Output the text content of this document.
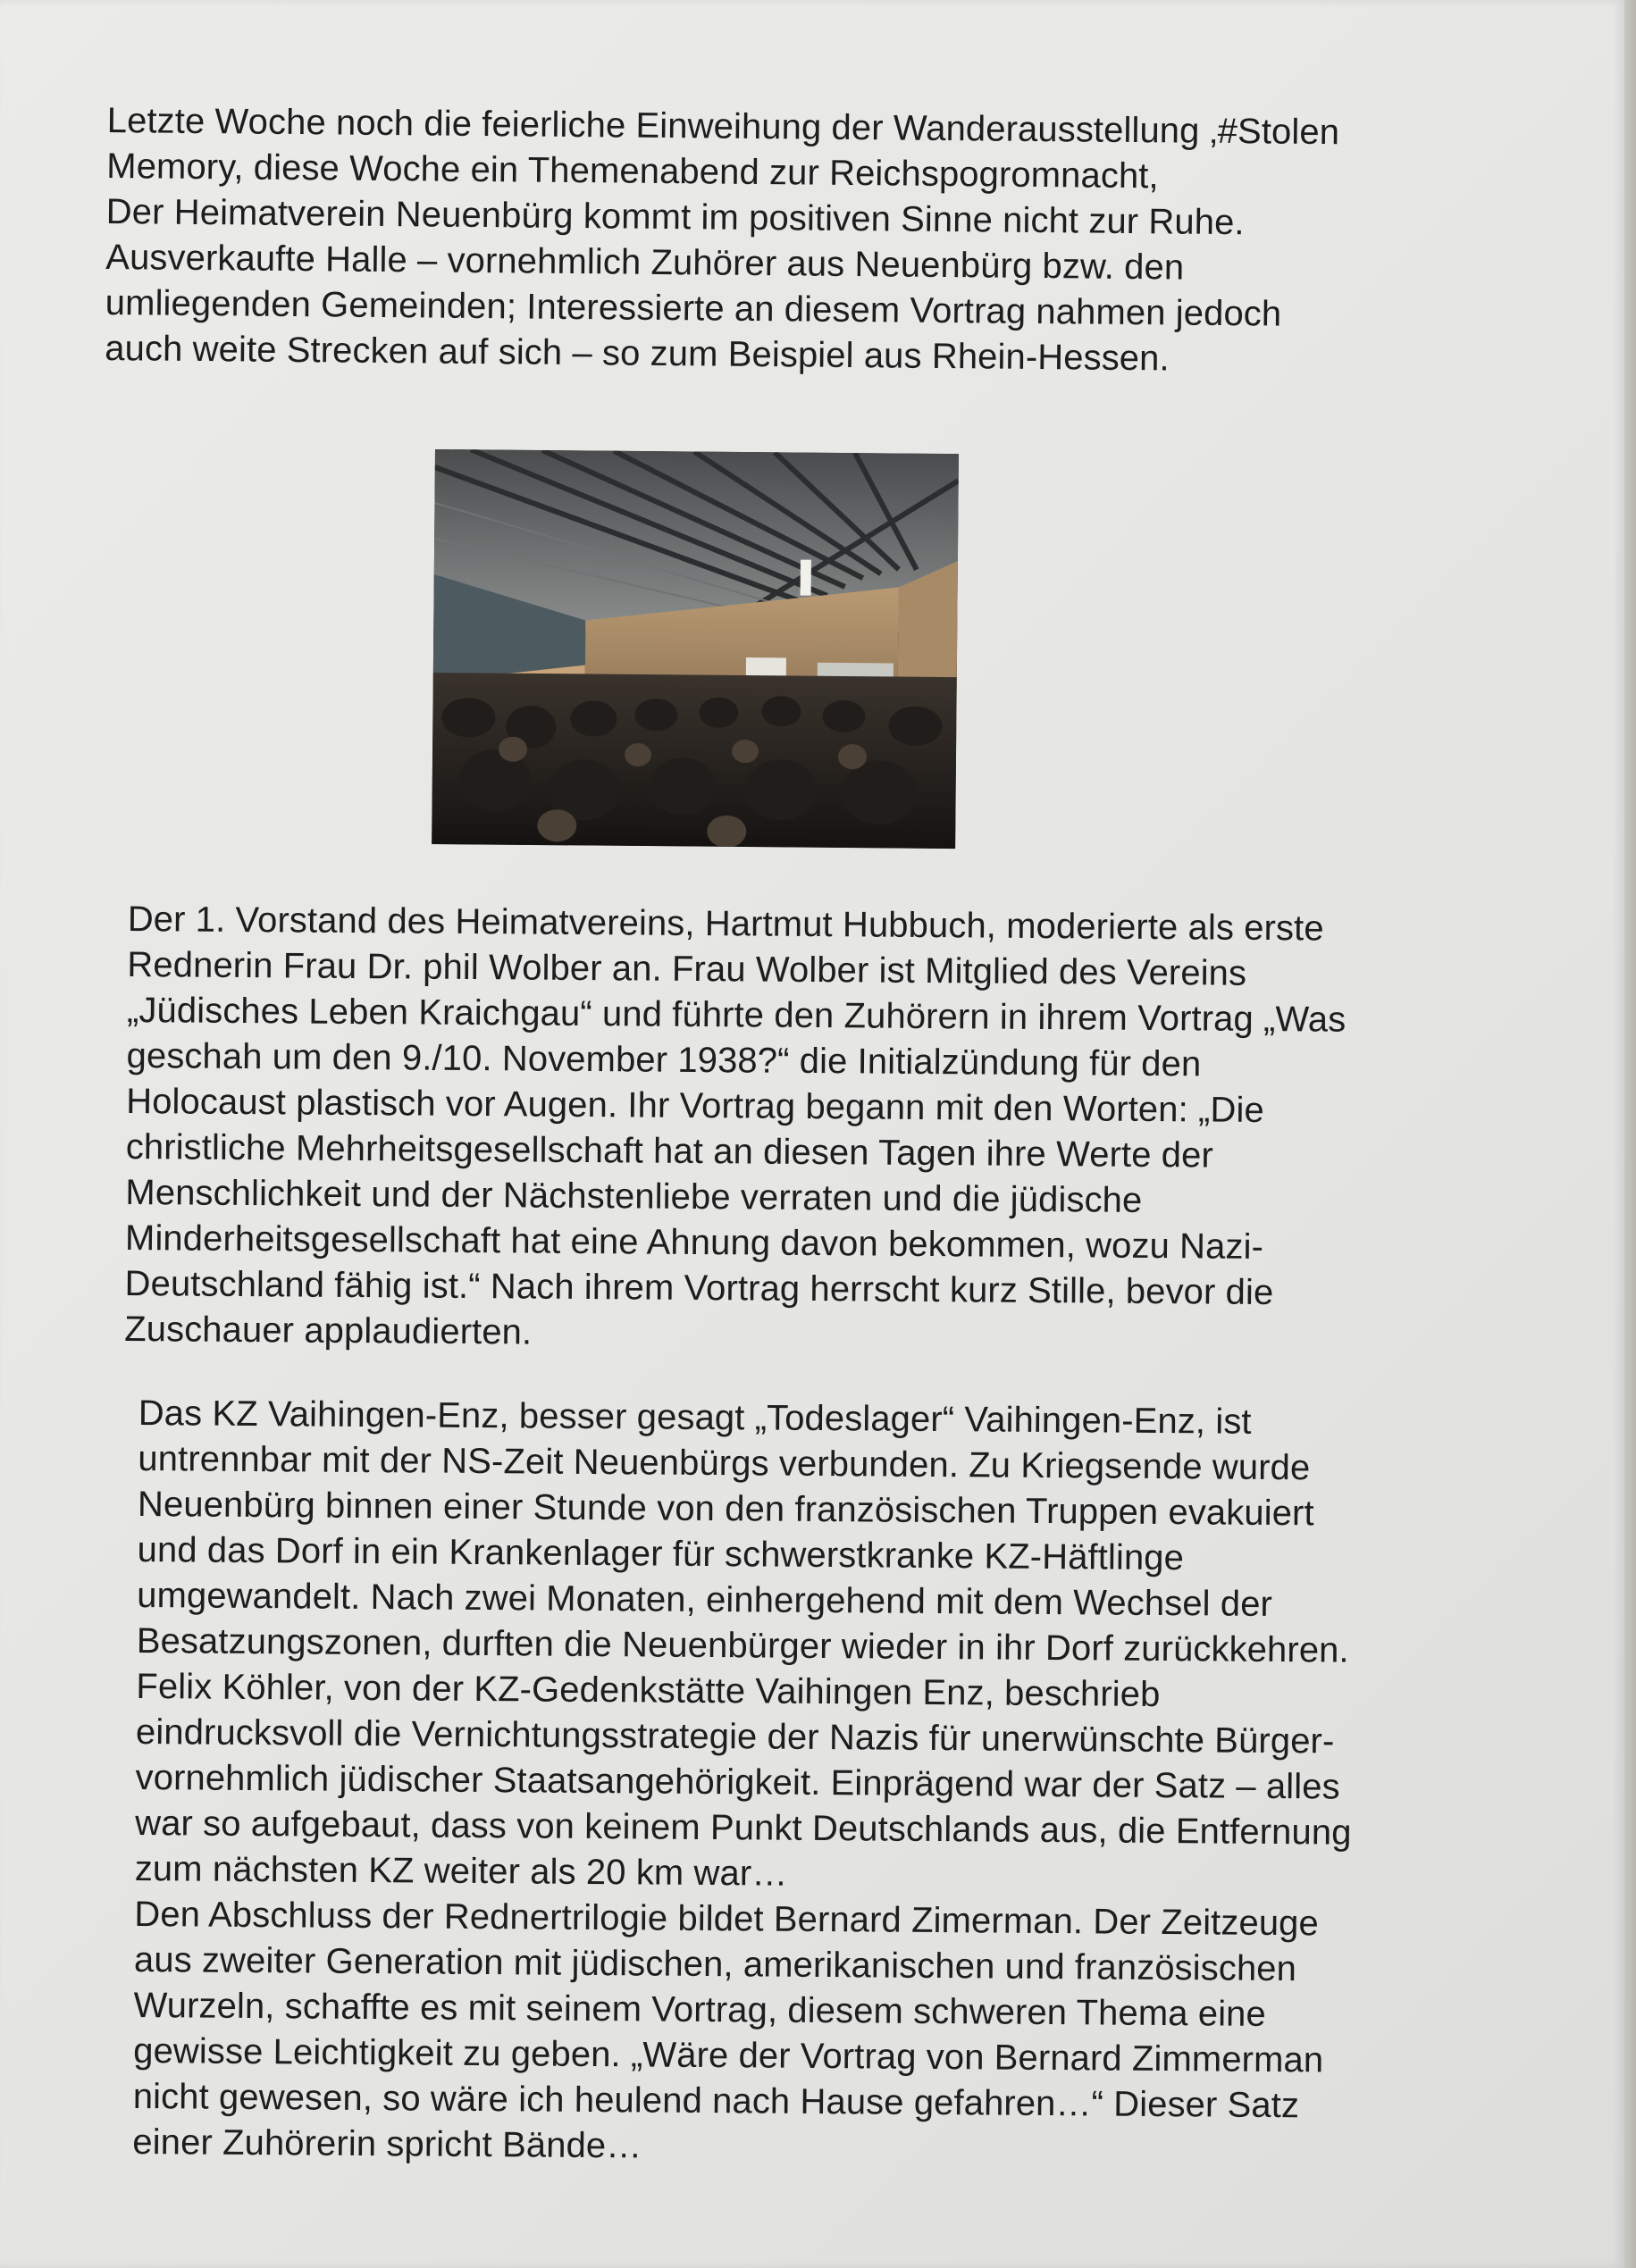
Letzte Woche noch die feierliche Einweihung der Wanderausstellung ‚#Stolen

Memory, diese Woche ein Themenabend zur Reichspogromnacht,

Der Heimatverein Neuenbürg kommt im positiven Sinne nicht zur Ruhe.

Ausverkaufte Halle – vornehmlich Zuhörer aus Neuenbürg bzw. den

umliegenden Gemeinden; Interessierte an diesem Vortrag nahmen jedoch

auch weite Strecken auf sich – so zum Beispiel aus Rhein-Hessen.

Der 1. Vorstand des Heimatvereins, Hartmut Hubbuch, moderierte als erste

Rednerin Frau Dr. phil Wolber an. Frau Wolber ist Mitglied des Vereins

„Jüdisches Leben Kraichgau“ und führte den Zuhörern in ihrem Vortrag „Was

geschah um den 9./10. November 1938?“ die Initialzündung für den

Holocaust plastisch vor Augen. Ihr Vortrag begann mit den Worten: „Die

christliche Mehrheitsgesellschaft hat an diesen Tagen ihre Werte der

Menschlichkeit und der Nächstenliebe verraten und die jüdische

Minderheitsgesellschaft hat eine Ahnung davon bekommen, wozu Nazi-

Deutschland fähig ist.“ Nach ihrem Vortrag herrscht kurz Stille, bevor die

Zuschauer applaudierten.

Das KZ Vaihingen-Enz, besser gesagt „Todeslager“ Vaihingen-Enz, ist

untrennbar mit der NS-Zeit Neuenbürgs verbunden. Zu Kriegsende wurde

Neuenbürg binnen einer Stunde von den französischen Truppen evakuiert

und das Dorf in ein Krankenlager für schwerstkranke KZ-Häftlinge

umgewandelt. Nach zwei Monaten, einhergehend mit dem Wechsel der

Besatzungszonen, durften die Neuenbürger wieder in ihr Dorf zurückkehren.

Felix Köhler, von der KZ-Gedenkstätte Vaihingen Enz, beschrieb

eindrucksvoll die Vernichtungsstrategie der Nazis für unerwünschte Bürger-

vornehmlich jüdischer Staatsangehörigkeit. Einprägend war der Satz – alles

war so aufgebaut, dass von keinem Punkt Deutschlands aus, die Entfernung

zum nächsten KZ weiter als 20 km war…

Den Abschluss der Rednertrilogie bildet Bernard Zimerman. Der Zeitzeuge

aus zweiter Generation mit jüdischen, amerikanischen und französischen

Wurzeln, schaffte es mit seinem Vortrag, diesem schweren Thema eine

gewisse Leichtigkeit zu geben. „Wäre der Vortrag von Bernard Zimmerman

nicht gewesen, so wäre ich heulend nach Hause gefahren…“ Dieser Satz

einer Zuhörerin spricht Bände…
